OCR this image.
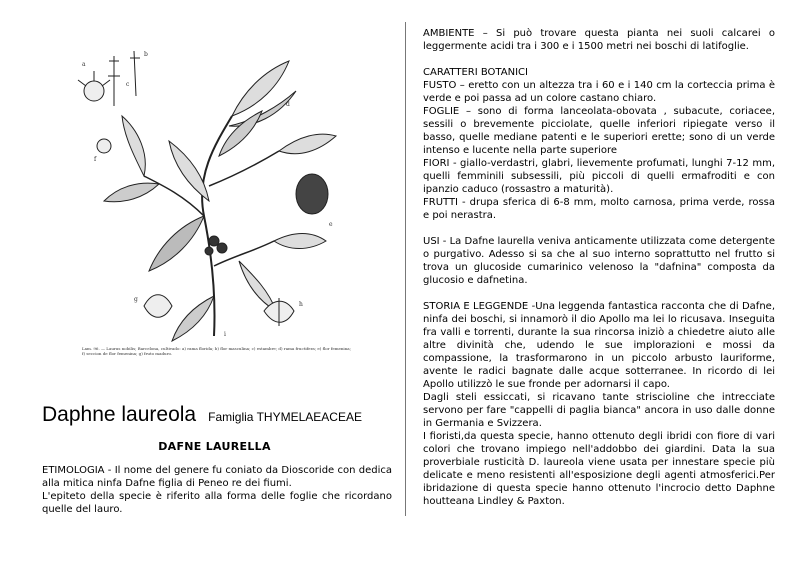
a
b
c
d
e
f
g
h
i
Lam. 96. — Laurus nobilis; Barcelona, cultivado: a) rama florida; b) flor masculina; c) estambre; d) rama fructifera; e) flor femenina; f) seccion de flor femenina; g) fruto maduro.
Daphne laureola Famiglia THYMELAEACEAE
DAFNE LAURELLA
ETIMOLOGIA - Il nome del genere fu coniato da Dioscoride con dedica alla mitica ninfa Dafne figlia di Peneo re dei fiumi.
L'epiteto della specie è riferito alla forma delle foglie che ricordano quelle del lauro.

AMBIENTE – Si può trovare questa pianta nei suoli calcarei o leggermente acidi tra i 300 e i 1500 metri nei boschi di latifoglie.

CARATTERI BOTANICI

FUSTO – eretto con un altezza tra i 60 e i 140 cm la corteccia prima è verde e poi passa ad un colore castano chiaro.

FOGLIE – sono di forma lanceolata-obovata , subacute, coriacee, sessili o brevemente picciolate, quelle inferiori ripiegate verso il basso, quelle mediane patenti e le superiori erette; sono di un verde intenso e lucente nella parte superiore

FIORI - giallo-verdastri, glabri, lievemente profumati, lunghi 7-12 mm, quelli femminili subsessili, più piccoli di quelli ermafroditi e con ipanzio caduco (rossastro a maturità).

FRUTTI - drupa sferica di 6-8 mm, molto carnosa, prima verde, rossa e poi nerastra.

USI - La Dafne laurella veniva anticamente utilizzata come detergente o purgativo. Adesso si sa che al suo interno soprattutto nel frutto si trova un glucoside cumarinico velenoso la "dafnina" composta da glucosio e dafnetina.

STORIA E LEGGENDE -Una leggenda fantastica racconta che di Dafne, ninfa dei boschi, si innamorò il dio Apollo ma lei lo ricusava. Inseguita fra valli e torrenti, durante la sua rincorsa iniziò a chiedetre aiuto alle altre divinità che, udendo le sue implorazioni e mossi da compassione, la trasformarono in un piccolo arbusto lauriforme, avente le radici bagnate dalle acque sotterranee. In ricordo di lei Apollo utilizzò le sue fronde per adornarsi il capo.

Dagli steli essiccati, si ricavano tante striscioline che intrecciate servono per fare "cappelli di paglia bianca" ancora in uso dalle donne in Germania e Svizzera.

I fioristi,da questa specie, hanno ottenuto degli ibridi con fiore di vari colori che trovano impiego nell'addobbo dei giardini. Data la sua proverbiale rusticità D. laureola viene usata per innestare specie più delicate e meno resistenti all'esposizione degli agenti atmosferici.Per ibridazione di questa specie hanno ottenuto l'incrocio detto Daphne houtteana Lindley & Paxton.
